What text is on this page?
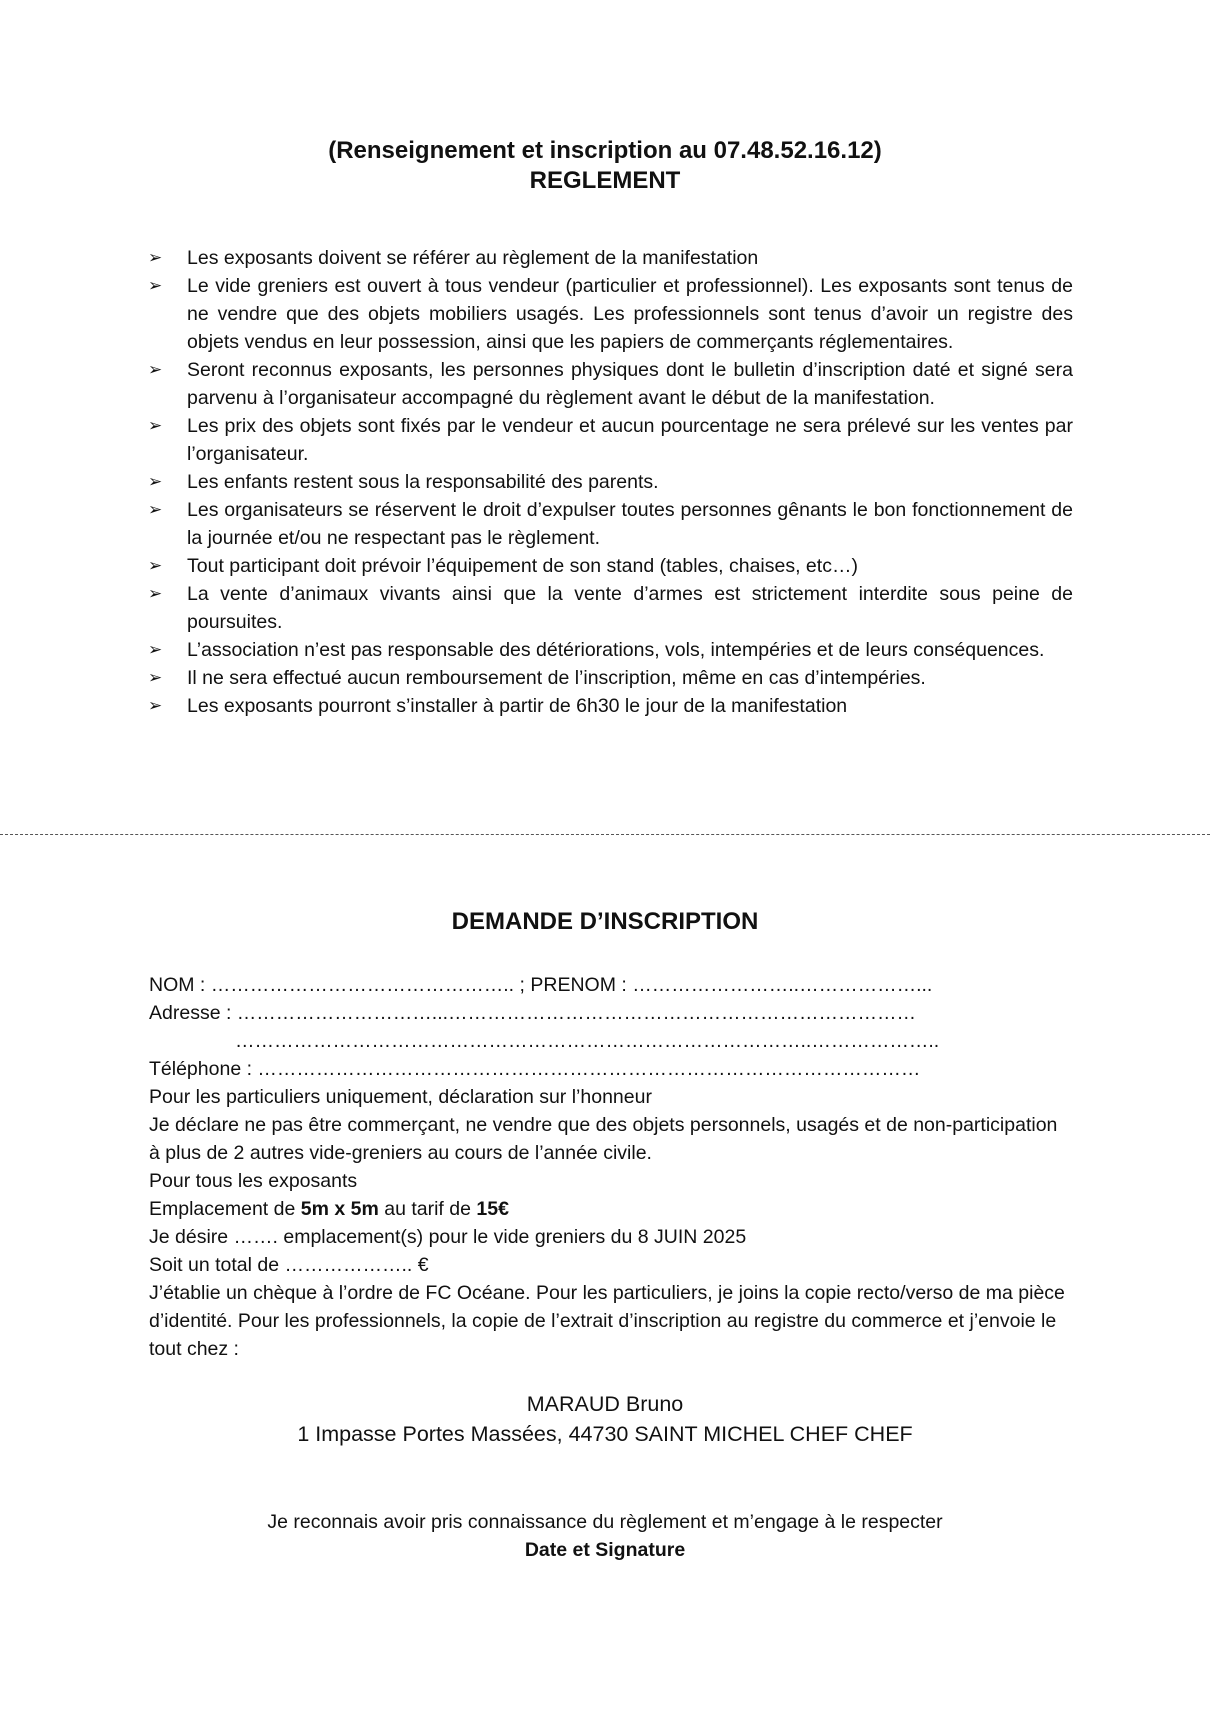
(Renseignement et inscription au 07.48.52.16.12)
REGLEMENT
➢ Les exposants doivent se référer au règlement de la manifestation
➢ Le vide greniers est ouvert à tous vendeur (particulier et professionnel). Les exposants sont tenus de ne vendre que des objets mobiliers usagés. Les professionnels sont tenus d’avoir un registre des objets vendus en leur possession, ainsi que les papiers de commerçants réglementaires.
➢ Seront reconnus exposants, les personnes physiques dont le bulletin d’inscription daté et signé sera parvenu à l’organisateur accompagné du règlement avant le début de la manifestation.
➢ Les prix des objets sont fixés par le vendeur et aucun pourcentage ne sera prélevé sur les ventes par l’organisateur.
➢ Les enfants restent sous la responsabilité des parents.
➢ Les organisateurs se réservent le droit d’expulser toutes personnes gênants le bon fonctionnement de la journée et/ou ne respectant pas le règlement.
➢ Tout participant doit prévoir l’équipement de son stand (tables, chaises, etc…)
➢ La vente d’animaux vivants ainsi que la vente d’armes est strictement interdite sous peine de poursuites.
➢ L’association n’est pas responsable des détériorations, vols, intempéries et de leurs conséquences.
➢ Il ne sera effectué aucun remboursement de l’inscription, même en cas d’intempéries.
➢ Les exposants pourront s’installer à partir de 6h30 le jour de la manifestation
DEMANDE D’INSCRIPTION
NOM : ……………………………………….. ; PRENOM : ……………………..………………...
Adresse : …………………………...………………………………………………………………
……………………………………………………………………………..………………..
Téléphone : …………………………………………………………………………………………
Pour les particuliers uniquement, déclaration sur l’honneur
Je déclare ne pas être commerçant, ne vendre que des objets personnels, usagés et de non-participation à plus de 2 autres vide-greniers au cours de l’année civile.
Pour tous les exposants
Emplacement de 5m x 5m au tarif de 15€
Je désire ……. emplacement(s) pour le vide greniers du 8 JUIN 2025
Soit un total de ……………….. €
J’établie un chèque à l’ordre de FC Océane. Pour les particuliers, je joins la copie recto/verso de ma pièce d’identité. Pour les professionnels, la copie de l’extrait d’inscription au registre du commerce et j’envoie le tout chez :
MARAUD Bruno
1 Impasse Portes Massées, 44730 SAINT MICHEL CHEF CHEF
Je reconnais avoir pris connaissance du règlement et m’engage à le respecter
Date et Signature
